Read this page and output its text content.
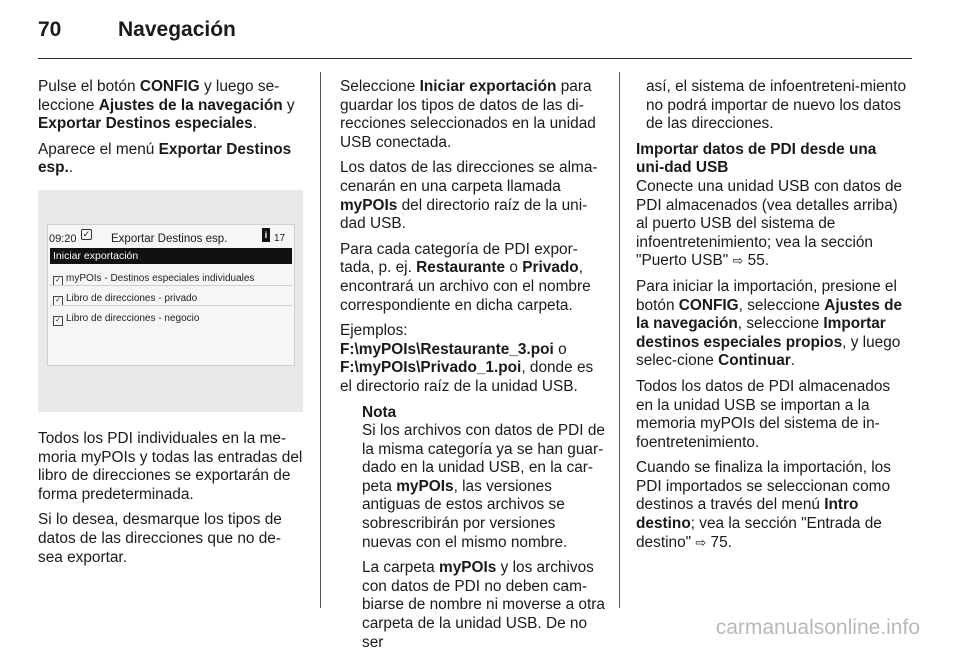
70	Navegación

Pulse el botón CONFIG y luego se-leccione Ajustes de la navegación y Exportar Destinos especiales.

Aparece el menú Exportar Destinos esp..

09:20 ✓ Exportar Destinos esp.	i 17
Iniciar exportación
✓ myPOIs - Destinos especiales individuales
✓ Libro de direcciones - privado
✓ Libro de direcciones - negocio

Todos los PDI individuales en la me-moria myPOIs y todas las entradas del libro de direcciones se exportarán de forma predeterminada.

Si lo desea, desmarque los tipos de datos de las direcciones que no de-sea exportar.

Seleccione Iniciar exportación para guardar los tipos de datos de las di-recciones seleccionados en la unidad USB conectada.

Los datos de las direcciones se alma-cenarán en una carpeta llamada myPOIs del directorio raíz de la uni-dad USB.

Para cada categoría de PDI expor-tada, p. ej. Restaurante o Privado, encontrará un archivo con el nombre correspondiente en dicha carpeta.

Ejemplos:
F:\myPOIs\Restaurante_3.poi o
F:\myPOIs\Privado_1.poi, donde es el directorio raíz de la unidad USB.

Nota

Si los archivos con datos de PDI de la misma categoría ya se han guar-dado en la unidad USB, en la car-peta myPOIs, las versiones antiguas de estos archivos se sobrescribirán por versiones nuevas con el mismo nombre.

La carpeta myPOIs y los archivos con datos de PDI no deben cam-biarse de nombre ni moverse a otra carpeta de la unidad USB. De no ser

así, el sistema de infoentreteni-miento no podrá importar de nuevo los datos de las direcciones.

Importar datos de PDI desde una uni-dad USB

Conecte una unidad USB con datos de PDI almacenados (vea detalles arriba) al puerto USB del sistema de infoentretenimiento; vea la sección "Puerto USB" ⇨ 55.

Para iniciar la importación, presione el botón CONFIG, seleccione Ajustes de la navegación, seleccione Importar destinos especiales propios, y luego selec-cione Continuar.

Todos los datos de PDI almacenados en la unidad USB se importan a la memoria myPOIs del sistema de in-foentretenimiento.

Cuando se finaliza la importación, los PDI importados se seleccionan como destinos a través del menú Intro destino; vea la sección "Entrada de destino" ⇨ 75.

carmanualsonline.info
